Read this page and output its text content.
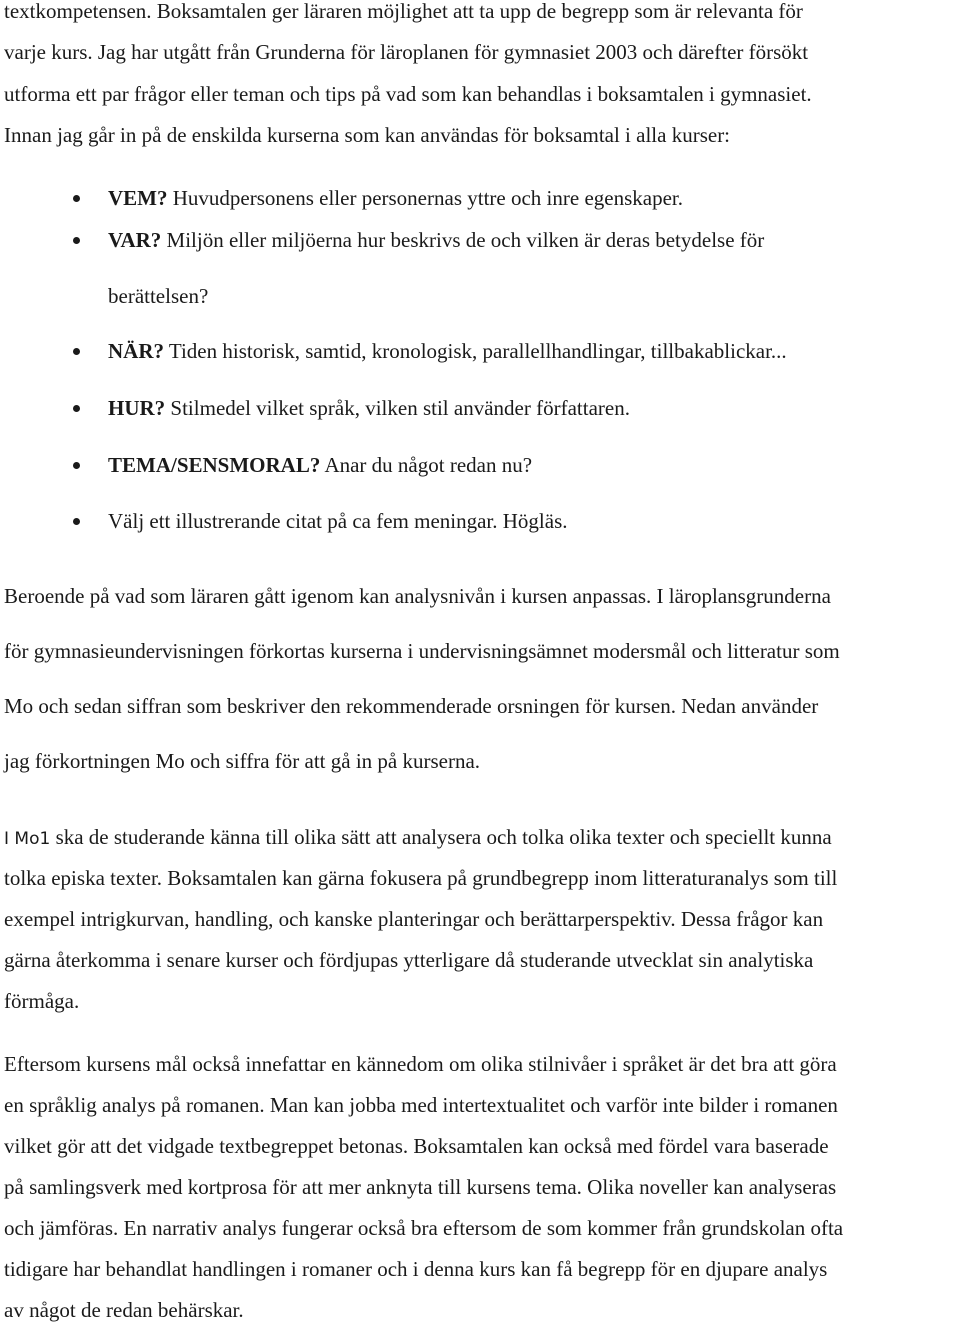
textkompetensen. Boksamtalen ger läraren möjlighet att ta upp de begrepp som är relevanta för
varje kurs. Jag har utgått från Grunderna för läroplanen för gymnasiet 2003 och därefter försökt
utforma ett par frågor eller teman och tips på vad som kan behandlas i boksamtalen i gymnasiet.
Innan jag går in på de enskilda kurserna som kan användas för boksamtal i alla kurser:
VEM? Huvudpersonens eller personernas yttre och inre egenskaper.
VAR? Miljön eller miljöerna hur beskrivs de och vilken är deras betydelse för
berättelsen?
NÄR? Tiden historisk, samtid, kronologisk, parallellhandlingar, tillbakablickar...
HUR? Stilmedel vilket språk, vilken stil använder författaren.
TEMA/SENSMORAL? Anar du något redan nu?
Välj ett illustrerande citat på ca fem meningar. Högläs.
Beroende på vad som läraren gått igenom kan analysnivån i kursen anpassas. I läroplansgrunderna
för gymnasieundervisningen förkortas kurserna i undervisningsämnet modersmål och litteratur som
Mo och sedan siffran som beskriver den rekommenderade orsningen för kursen. Nedan använder
jag förkortningen Mo och siffra för att gå in på kurserna.
I Mo1 ska de studerande känna till olika sätt att analysera och tolka olika texter och speciellt kunna
tolka episka texter. Boksamtalen kan gärna fokusera på grundbegrepp inom litteraturanalys som till
exempel intrigkurvan, handling, och kanske planteringar och berättarperspektiv. Dessa frågor kan
gärna återkomma i senare kurser och fördjupas ytterligare då studerande utvecklat sin analytiska
förmåga.
Eftersom kursens mål också innefattar en kännedom om olika stilnivåer i språket är det bra att göra
en språklig analys på romanen. Man kan jobba med intertextualitet och varför inte bilder i romanen
vilket gör att det vidgade textbegreppet betonas. Boksamtalen kan också med fördel vara baserade
på samlingsverk med kortprosa för att mer anknyta till kursens tema. Olika noveller kan analyseras
och jämföras. En narrativ analys fungerar också bra eftersom de som kommer från grundskolan ofta
tidigare har behandlat handlingen i romaner och i denna kurs kan få begrepp för en djupare analys
av något de redan behärskar.
